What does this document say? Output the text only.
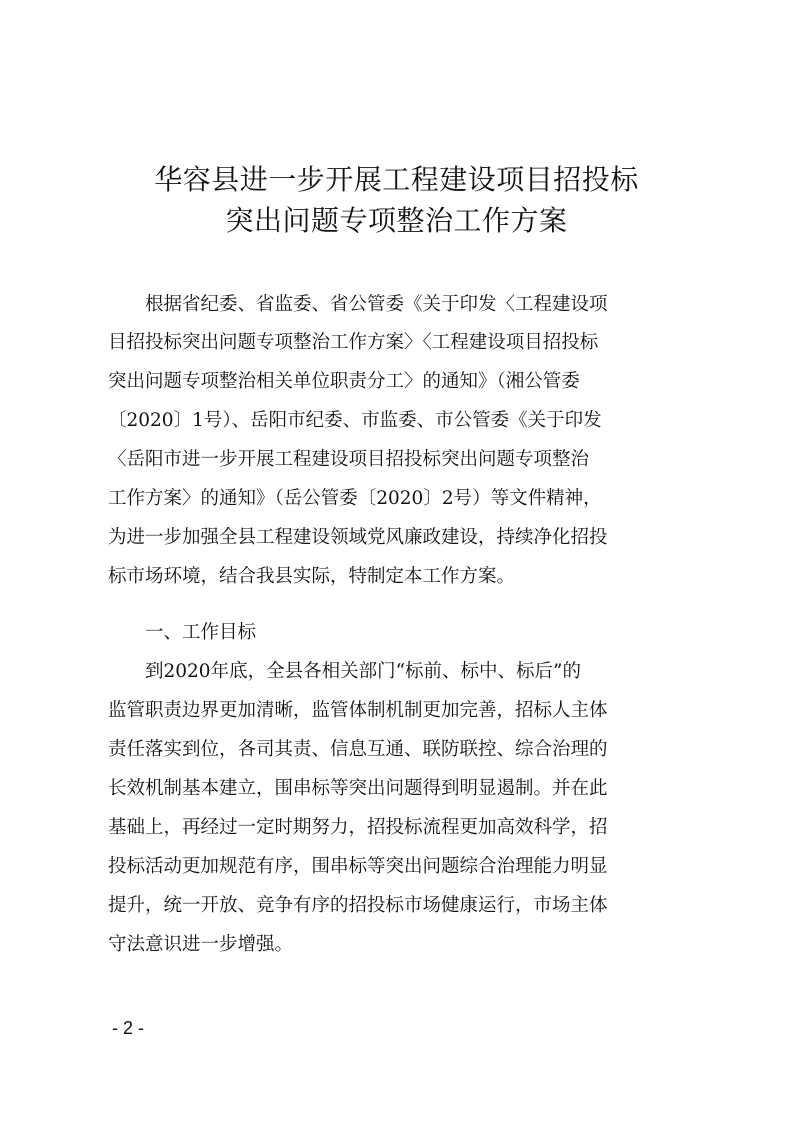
华容县进一步开展工程建设项目招投标
突出问题专项整治工作方案
　　根据省纪委、省监委、省公管委《关于印发〈工程建设项
目招投标突出问题专项整治工作方案〉〈工程建设项目招投标
突出问题专项整治相关单位职责分工〉的通知》（湘公管委
〔2020〕1号）、岳阳市纪委、市监委、市公管委《关于印发
〈岳阳市进一步开展工程建设项目招投标突出问题专项整治
工作方案〉的通知》（岳公管委〔2020〕2号）等文件精神，
为进一步加强全县工程建设领域党风廉政建设，持续净化招投
标市场环境，结合我县实际，特制定本工作方案。
一、工作目标
　　到2020年底，全县各相关部门“标前、标中、标后”的
监管职责边界更加清晰，监管体制机制更加完善，招标人主体
责任落实到位，各司其责、信息互通、联防联控、综合治理的
长效机制基本建立，围串标等突出问题得到明显遏制。并在此
基础上，再经过一定时期努力，招投标流程更加高效科学，招
投标活动更加规范有序，围串标等突出问题综合治理能力明显
提升，统一开放、竞争有序的招投标市场健康运行，市场主体
守法意识进一步增强。
- 2 -
